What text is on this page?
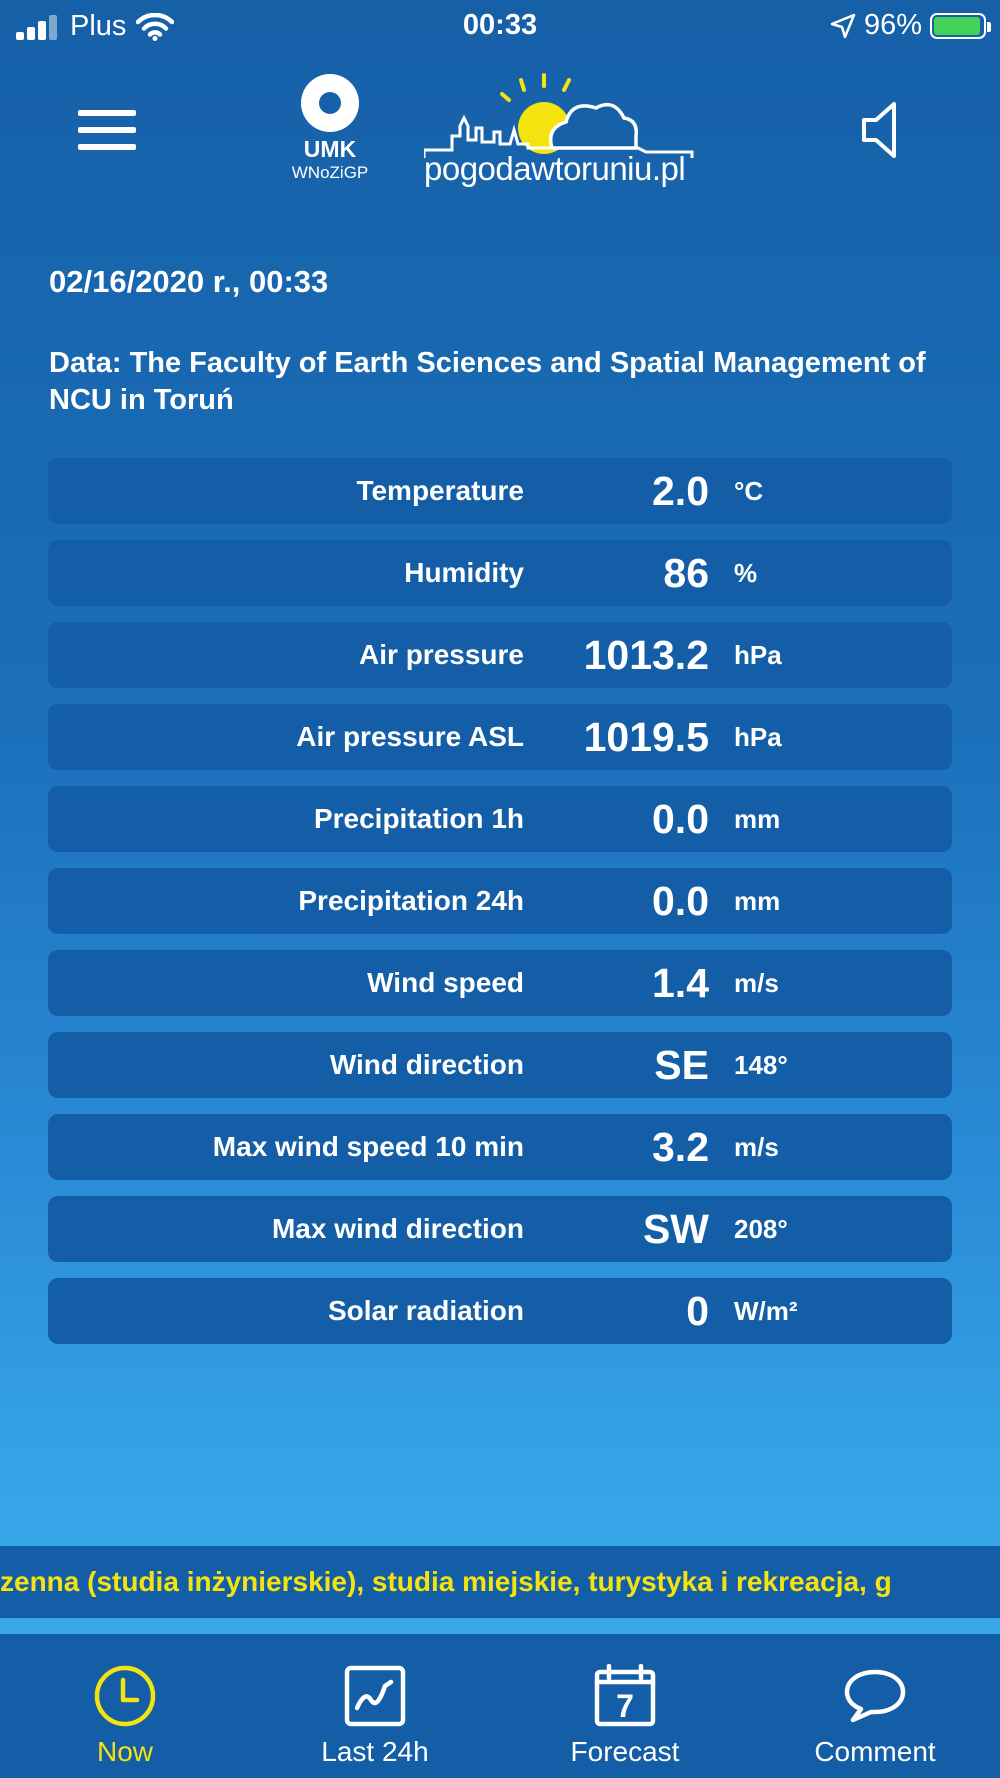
Plus	00:33	96%
UMK
WNoZiGP	pogodawtoruniu.pl
02/16/2020 r., 00:33
Data: The Faculty of Earth Sciences and Spatial Management of NCU in Toruń
Temperature	2.0 °C
Humidity	86 %
Air pressure 1013.2 hPa
Air pressure ASL 1019.5 hPa
Precipitation 1h	0.0 mm
Precipitation 24h	0.0 mm
Wind speed	1.4 m/s
Wind direction	SE 148°
Max wind speed 10 min	3.2 m/s
Max wind direction	SW 208°
Solar radiation	0 W/m²
zenna (studia inżynierskie), studia miejskie, turystyka i rekreacja, g
Now	Last 24h
7
Forecast	Comment
